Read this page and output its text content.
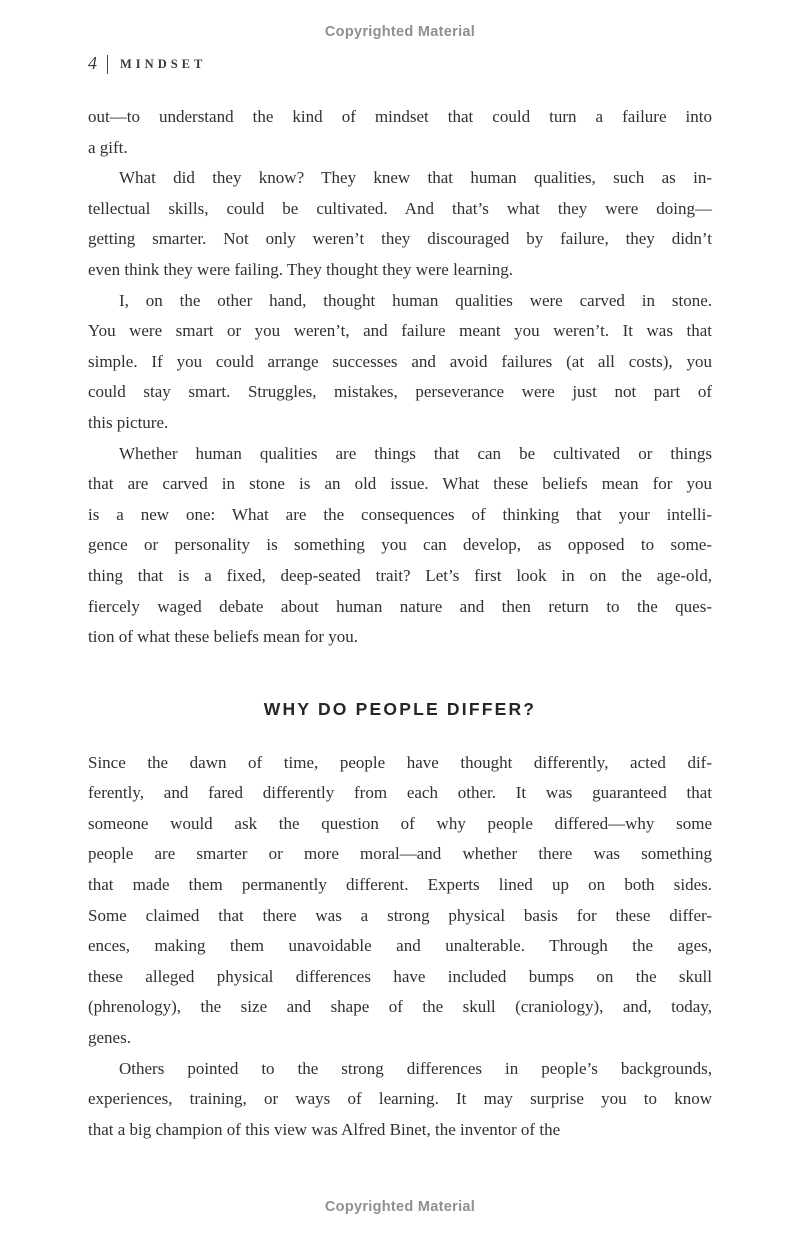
Copyrighted Material
4 MINDSET
out—to understand the kind of mindset that could turn a failure into
a gift.
What did they know? They knew that human qualities, such as in-
tellectual skills, could be cultivated. And that’s what they were doing—
getting smarter. Not only weren’t they discouraged by failure, they didn’t
even think they were failing. They thought they were learning.
I, on the other hand, thought human qualities were carved in stone.
You were smart or you weren’t, and failure meant you weren’t. It was that
simple. If you could arrange successes and avoid failures (at all costs), you
could stay smart. Struggles, mistakes, perseverance were just not part of
this picture.
Whether human qualities are things that can be cultivated or things
that are carved in stone is an old issue. What these beliefs mean for you
is a new one: What are the consequences of thinking that your intelli-
gence or personality is something you can develop, as opposed to some-
thing that is a fixed, deep-seated trait? Let’s first look in on the age-old,
fiercely waged debate about human nature and then return to the ques-
tion of what these beliefs mean for you.
WHY DO PEOPLE DIFFER?
Since the dawn of time, people have thought differently, acted dif-
ferently, and fared differently from each other. It was guaranteed that
someone would ask the question of why people differed—why some
people are smarter or more moral—and whether there was something
that made them permanently different. Experts lined up on both sides.
Some claimed that there was a strong physical basis for these differ-
ences, making them unavoidable and unalterable. Through the ages,
these alleged physical differences have included bumps on the skull
(phrenology), the size and shape of the skull (craniology), and, today,
genes.
Others pointed to the strong differences in people’s backgrounds,
experiences, training, or ways of learning. It may surprise you to know
that a big champion of this view was Alfred Binet, the inventor of the
Copyrighted Material
